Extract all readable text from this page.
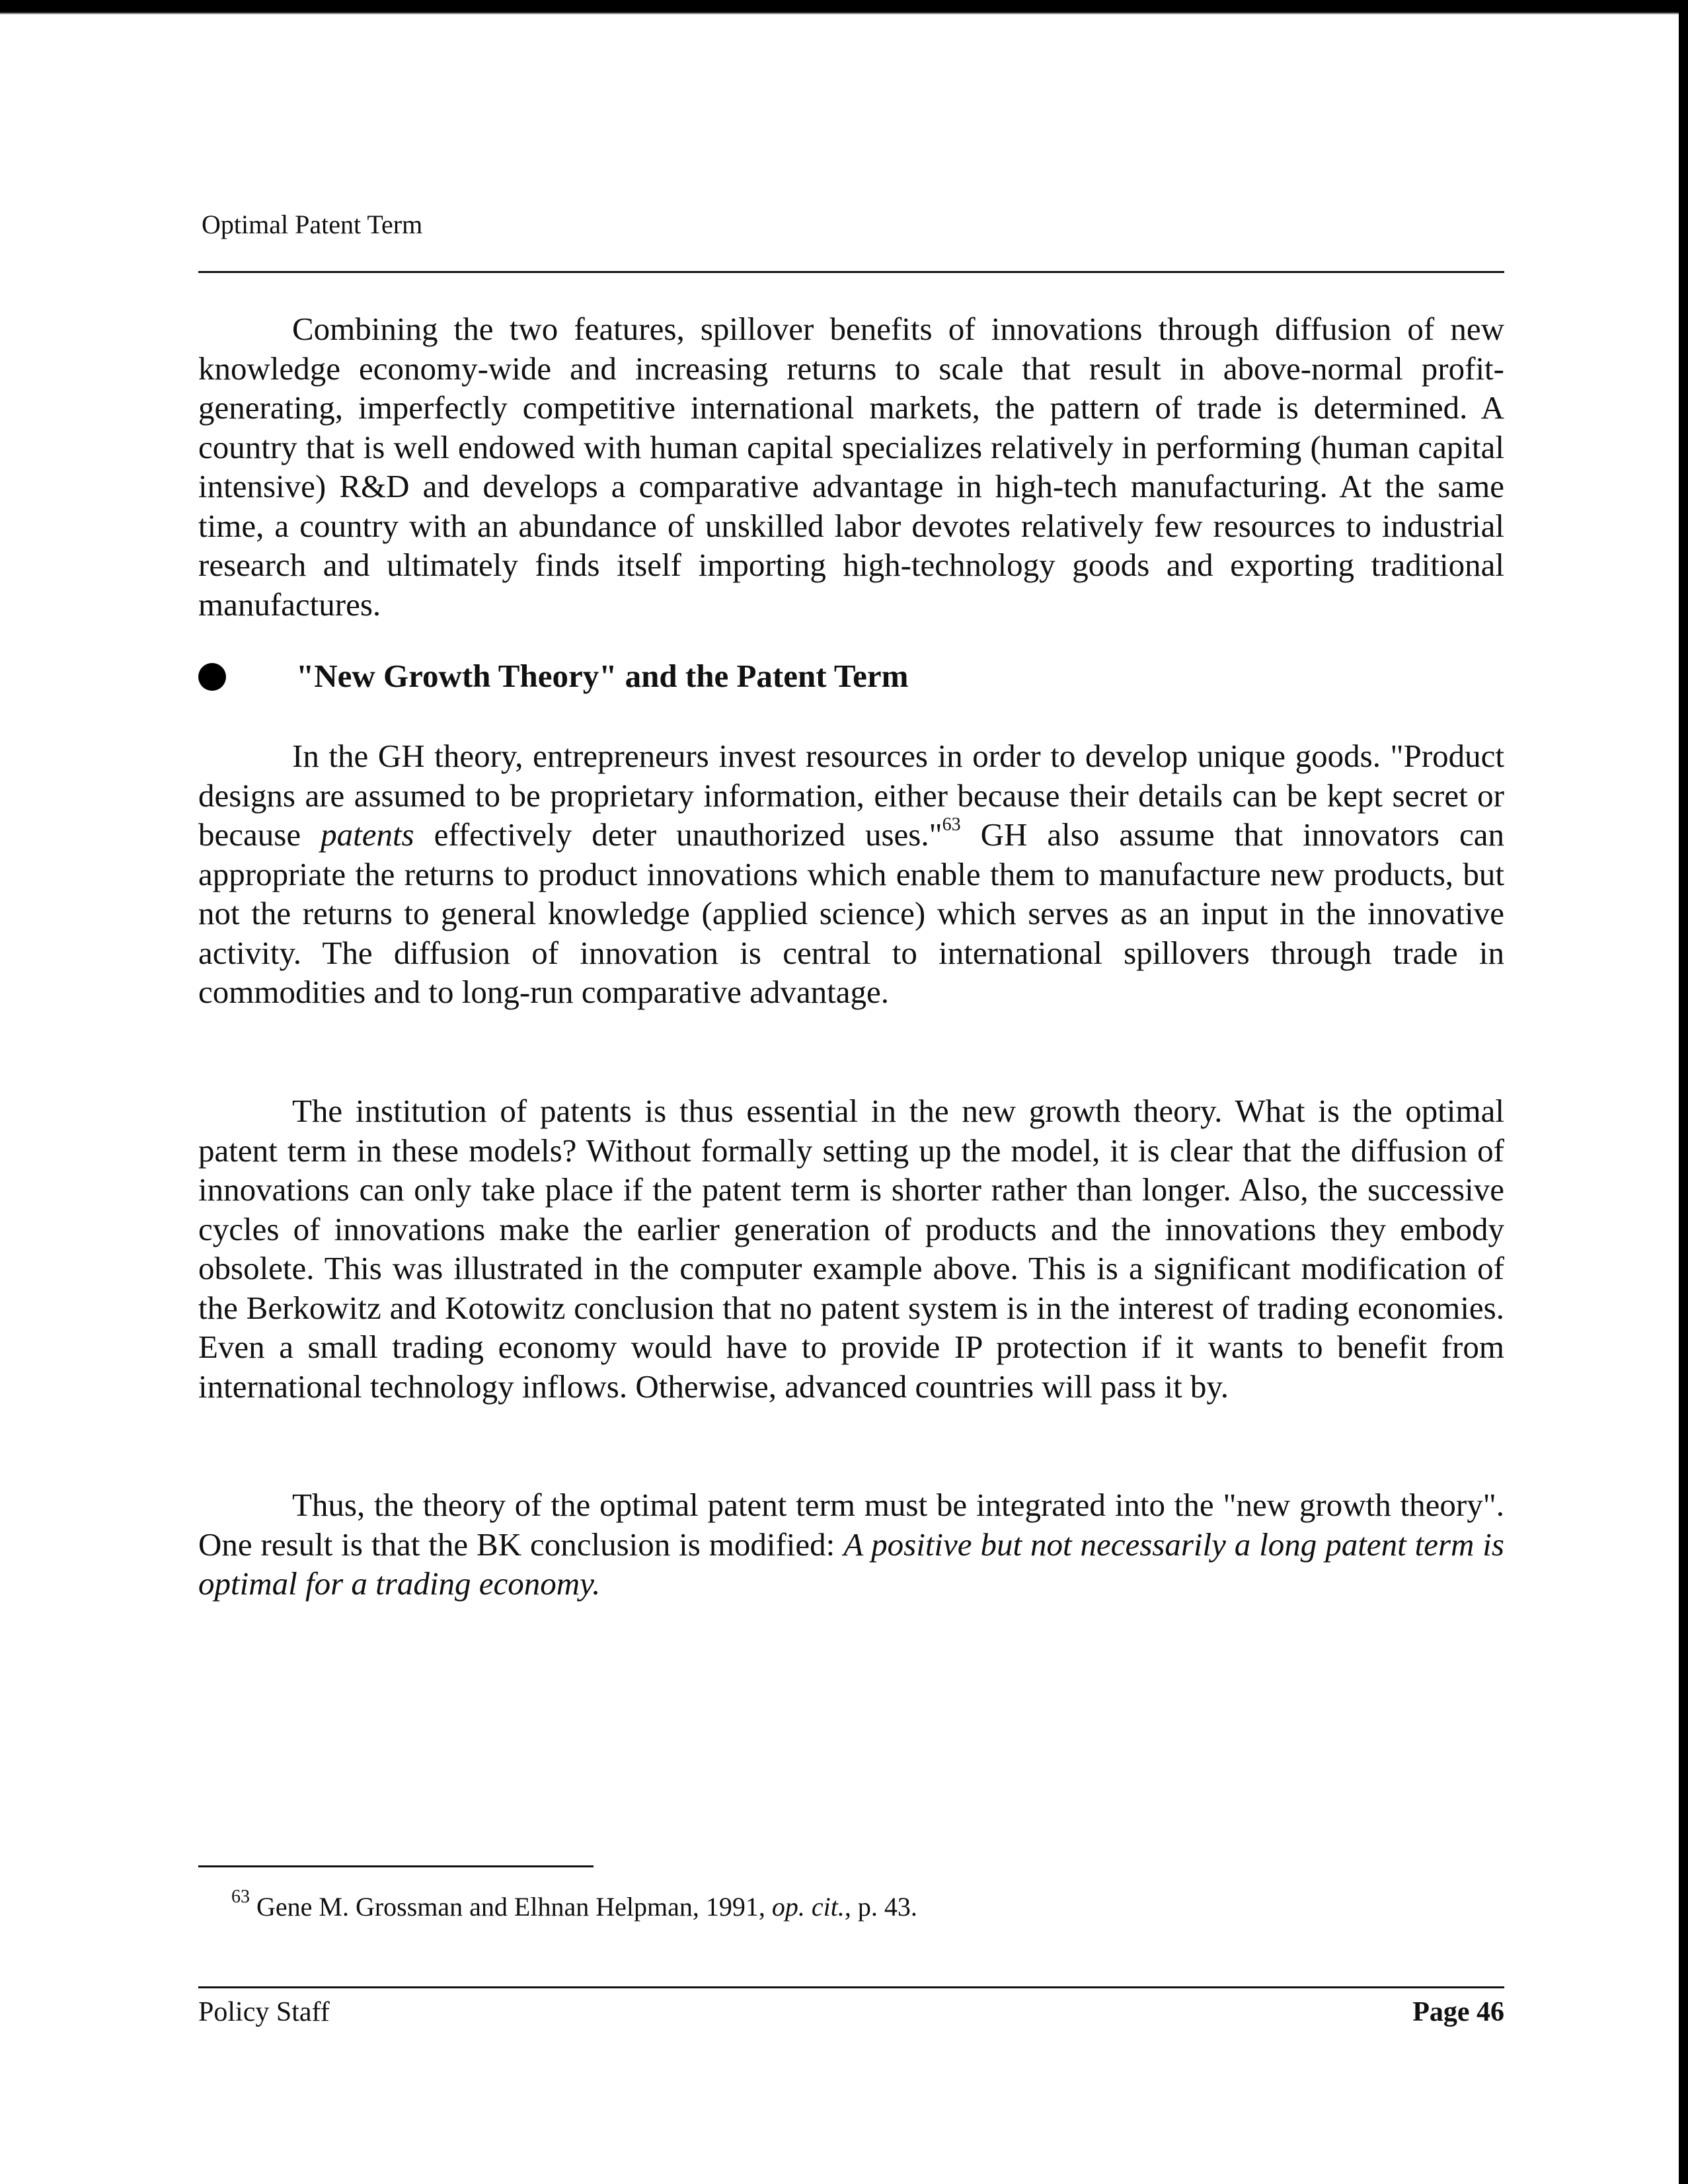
Optimal Patent Term

Combining the two features, spillover benefits of innovations through diffusion of new knowledge economy-wide and increasing returns to scale that result in above-normal profit-generating, imperfectly competitive international markets, the pattern of trade is determined. A country that is well endowed with human capital specializes relatively in performing (human capital intensive) R&D and develops a comparative advantage in high-tech manufacturing. At the same time, a country with an abundance of unskilled labor devotes relatively few resources to industrial research and ultimately finds itself importing high-technology goods and exporting traditional manufactures.

"New Growth Theory" and the Patent Term

In the GH theory, entrepreneurs invest resources in order to develop unique goods. "Product designs are assumed to be proprietary information, either because their details can be kept secret or because patents effectively deter unauthorized uses."$^{63}$ GH also assume that innovators can appropriate the returns to product innovations which enable them to manufacture new products, but not the returns to general knowledge (applied science) which serves as an input in the innovative activity. The diffusion of innovation is central to international spillovers through trade in commodities and to long-run comparative advantage.

The institution of patents is thus essential in the new growth theory. What is the optimal patent term in these models? Without formally setting up the model, it is clear that the diffusion of innovations can only take place if the patent term is shorter rather than longer. Also, the successive cycles of innovations make the earlier generation of products and the innovations they embody obsolete. This was illustrated in the computer example above. This is a significant modification of the Berkowitz and Kotowitz conclusion that no patent system is in the interest of trading economies. Even a small trading economy would have to provide IP protection if it wants to benefit from international technology inflows. Otherwise, advanced countries will pass it by.

Thus, the theory of the optimal patent term must be integrated into the "new growth theory". One result is that the BK conclusion is modified: A positive but not necessarily a long patent term is optimal for a trading economy.

$^{63}$ Gene M. Grossman and Elhnan Helpman, 1991, op. cit., p. 43.
Policy Staff	Page 46
